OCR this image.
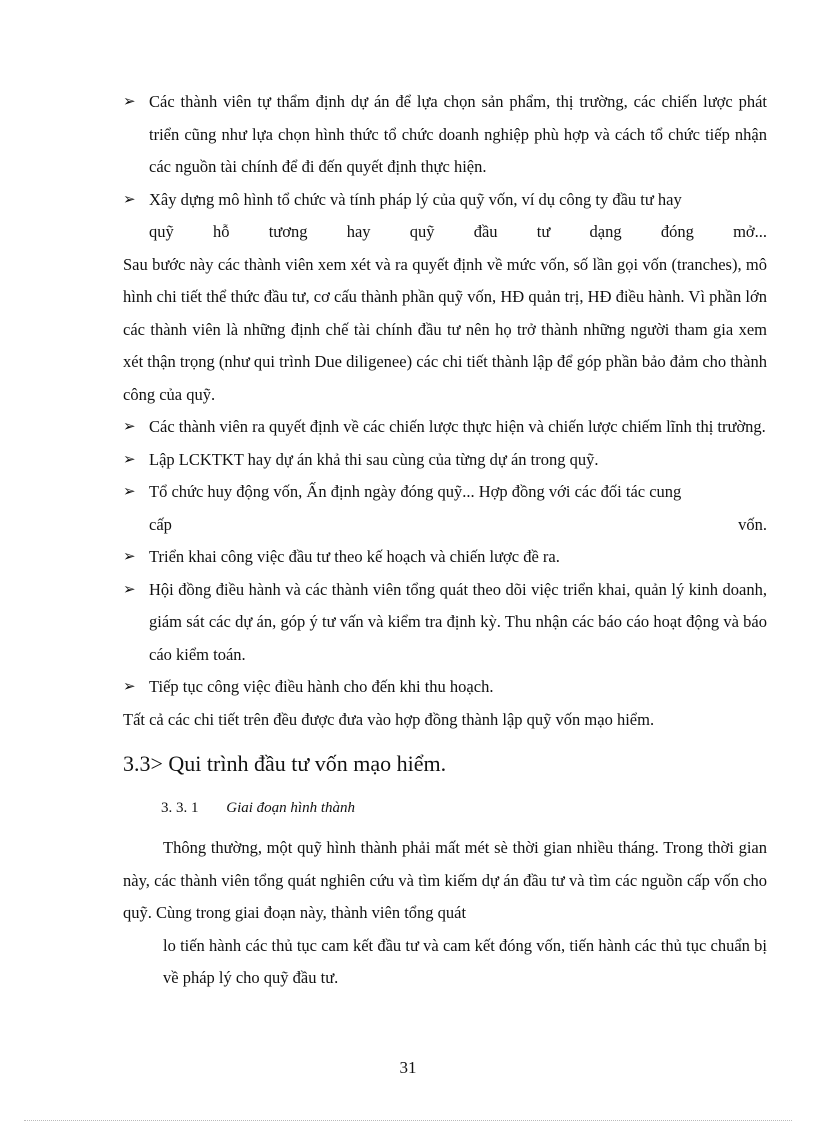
➢ Các thành viên tự thẩm định dự án để lựa chọn sản phẩm, thị trường, các chiến lược phát triển cũng như lựa chọn hình thức tổ chức doanh nghiệp phù hợp và cách tổ chức tiếp nhận các nguồn tài chính để đi đến quyết định thực hiện.
➢ Xây dựng mô hình tổ chức và tính pháp lý của quỹ vốn, ví dụ công ty đầu tư hay
quỹ hỗ tương hay quỹ đầu tư dạng đóng mở...
Sau bước này các thành viên xem xét và ra quyết định về mức vốn, số lần gọi vốn (tranches), mô hình chi tiết thể thức đầu tư, cơ cấu thành phần quỹ vốn, HĐ quản trị, HĐ điều hành. Vì phần lớn các thành viên là những định chế tài chính đầu tư nên họ trở thành những người tham gia xem xét thận trọng (như qui trình Due diligenee) các chi tiết thành lập để góp phần bảo đảm cho thành công của quỹ.
➢ Các thành viên ra quyết định về các chiến lược thực hiện và chiến lược chiếm lĩnh thị trường.
➢ Lập LCKTKT hay dự án khả thi sau cùng của từng dự án trong quỹ.
➢ Tổ chức huy động vốn, Ấn định ngày đóng quỹ... Hợp đồng với các đối tác cung
cấp vốn.
➢ Triển khai công việc đầu tư theo kế hoạch và chiến lược đề ra.
➢ Hội đồng điều hành và các thành viên tổng quát theo dõi việc triển khai, quản lý kinh doanh, giám sát các dự án, góp ý tư vấn và kiểm tra định kỳ. Thu nhận các báo cáo hoạt động và báo cáo kiểm toán.
➢ Tiếp tục công việc điều hành cho đến khi thu hoạch.
Tất cả các chi tiết trên đều được đưa vào hợp đồng thành lập quỹ vốn mạo hiểm.
3.3> Qui trình đầu tư vốn mạo hiểm.
3. 3. 1 Giai đoạn hình thành
Thông thường, một quỹ hình thành phải mất mét sè thời gian nhiều tháng. Trong thời gian này, các thành viên tổng quát nghiên cứu và tìm kiếm dự án đầu tư và tìm các nguồn cấp vốn cho quỹ. Cùng trong giai đoạn này, thành viên tổng quát
lo tiến hành các thủ tục cam kết đầu tư và cam kết đóng vốn, tiến hành các thủ tục chuẩn bị về pháp lý cho quỹ đầu tư.
31
